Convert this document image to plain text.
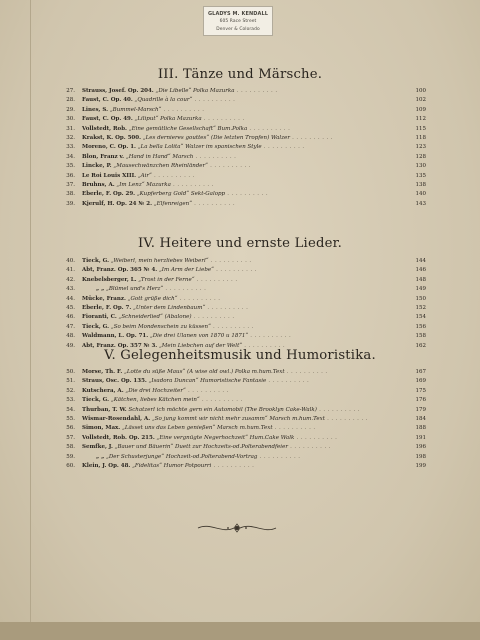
GLADYS M. KENDALL
605 Race Street
Denver & Colorado
III. Tänze und Märsche.
27. Strauss, Josef. Op. 204. „Die Libelle“ Polka Mazurka . . . . . . . . . .	100
28. Faust, C. Op. 40. „Quadrille à la cour“ . . . . . . . . . .	102
29. Lines, S. „Bummel-Marsch“ . . . . . . . . . .	109
30. Faust, C. Op. 49. „Liliput“ Polka Mazurka . . . . . . . . . .	112
31. Vollstedt, Rob. „Eine gemütliche Gesellschaft“ Bum.Polka . . . . . . . . . .	115
32. Krakst, K. Op. 500. „Les dernieres gouttes“ (Die letzten Tropfen) Walzer . . . . . . . . . .	118
33. Moreno, C. Op. 1. „La bella Lolita“ Walzer im spanischen Style . . . . . . . . . .	123
34. Blon, Franz v. „Hand in Hand“ Marsch . . . . . . . . . .	128
35. Lincke, P. „Mausechwänzchen Rheinländer“ . . . . . . . . . .	130
36. Le Roi Louis XIII. „Air“ . . . . . . . . . .	135
37. Bruhns, A. „Im Lenz“ Mazurka . . . . . . . . . .	138
38. Eberle, F. Op. 29. „Kupferberg Gold“ Sekt-Galopp . . . . . . . . . .	140
39. Kjerulf, H. Op. 24 № 2. „Elfenreigen“ . . . . . . . . . .	143
IV. Heitere und ernste Lieder.
40. Tieck, G. „Weiberl, mein herzliebes Weiberl“ . . . . . . . . . .	144
41. Abt, Franz. Op. 365 № 4. „Im Arm der Liebe“ . . . . . . . . . .	146
42. Knebelsberger, L. „Trost in der Ferne“ . . . . . . . . . .	148
43.	„ „ „Blümel und's Herz“ . . . . . . . . . .	149
44. Mücke, Franz. „Gott grüße dich“ . . . . . . . . . .	150
45. Eberle, F. Op. 7. „Unter dem Lindenbaum“ . . . . . . . . . .	152
46. Fioranti, C. „Schneiderlied“ (Abalone) . . . . . . . . . .	154
47. Tieck, G. „So beim Mondenschein zu küssen“ . . . . . . . . . .	156
48. Waldmann, L. Op. 71. „Die drei Ulanen von 1870 u 1871“ . . . . . . . . . .	158
49. Abt, Franz. Op. 357 № 3. „Mein Liebchen auf der Welt“ . . . . . . . . . .	162
V. Gelegenheitsmusik und Humoristika.
50. Morse, Th. F. „Lotte du süße Maus“ (A wise old owl.) Polka m.hum.Text . . . . . . . . . .	167
51. Straus, Osc. Op. 135. „Isadora Duncan“ Humoristische Fantasie . . . . . . . . . .	169
52. Kutschera, A. „Die drei Hochzeiter“ . . . . . . . . . .	175
53. Tieck, G. „Kätchen, liebes Kätchen mein“ . . . . . . . . . .	176
54. Thurban, T. W. Schatzerl ich möchte gern ein Automobil (The Brooklyn Cake-Walk) . . . . . . . . . .	179
55. Wismar-Rosendahl, A. „So jung kommt wir nicht mehr zusamm“ Marsch m.hum.Text . . . . . . . . . .	184
56. Simon, Max. „Lässet uns das Leben genießen“ Marsch m.hum.Text . . . . . . . . . .	188
57. Vollstedt, Rob. Op. 215. „Eine vergnügte Negerhochzeit“ Hum.Cake Walk . . . . . . . . . .	191
58. Semfke, J. „Bauer und Bäuerin“ Duett zur Hochzeits-od.Polterabendfeier . . . . . . . . . .	196
59.	„ „ „Der Schusterjunge“ Hochzeit-od.Polterabend-Vortrag . . . . . . . . . .	198
60. Klein, J. Op. 48. „Fidelitas“ Humor Potpourri . . . . . . . . . .	199
